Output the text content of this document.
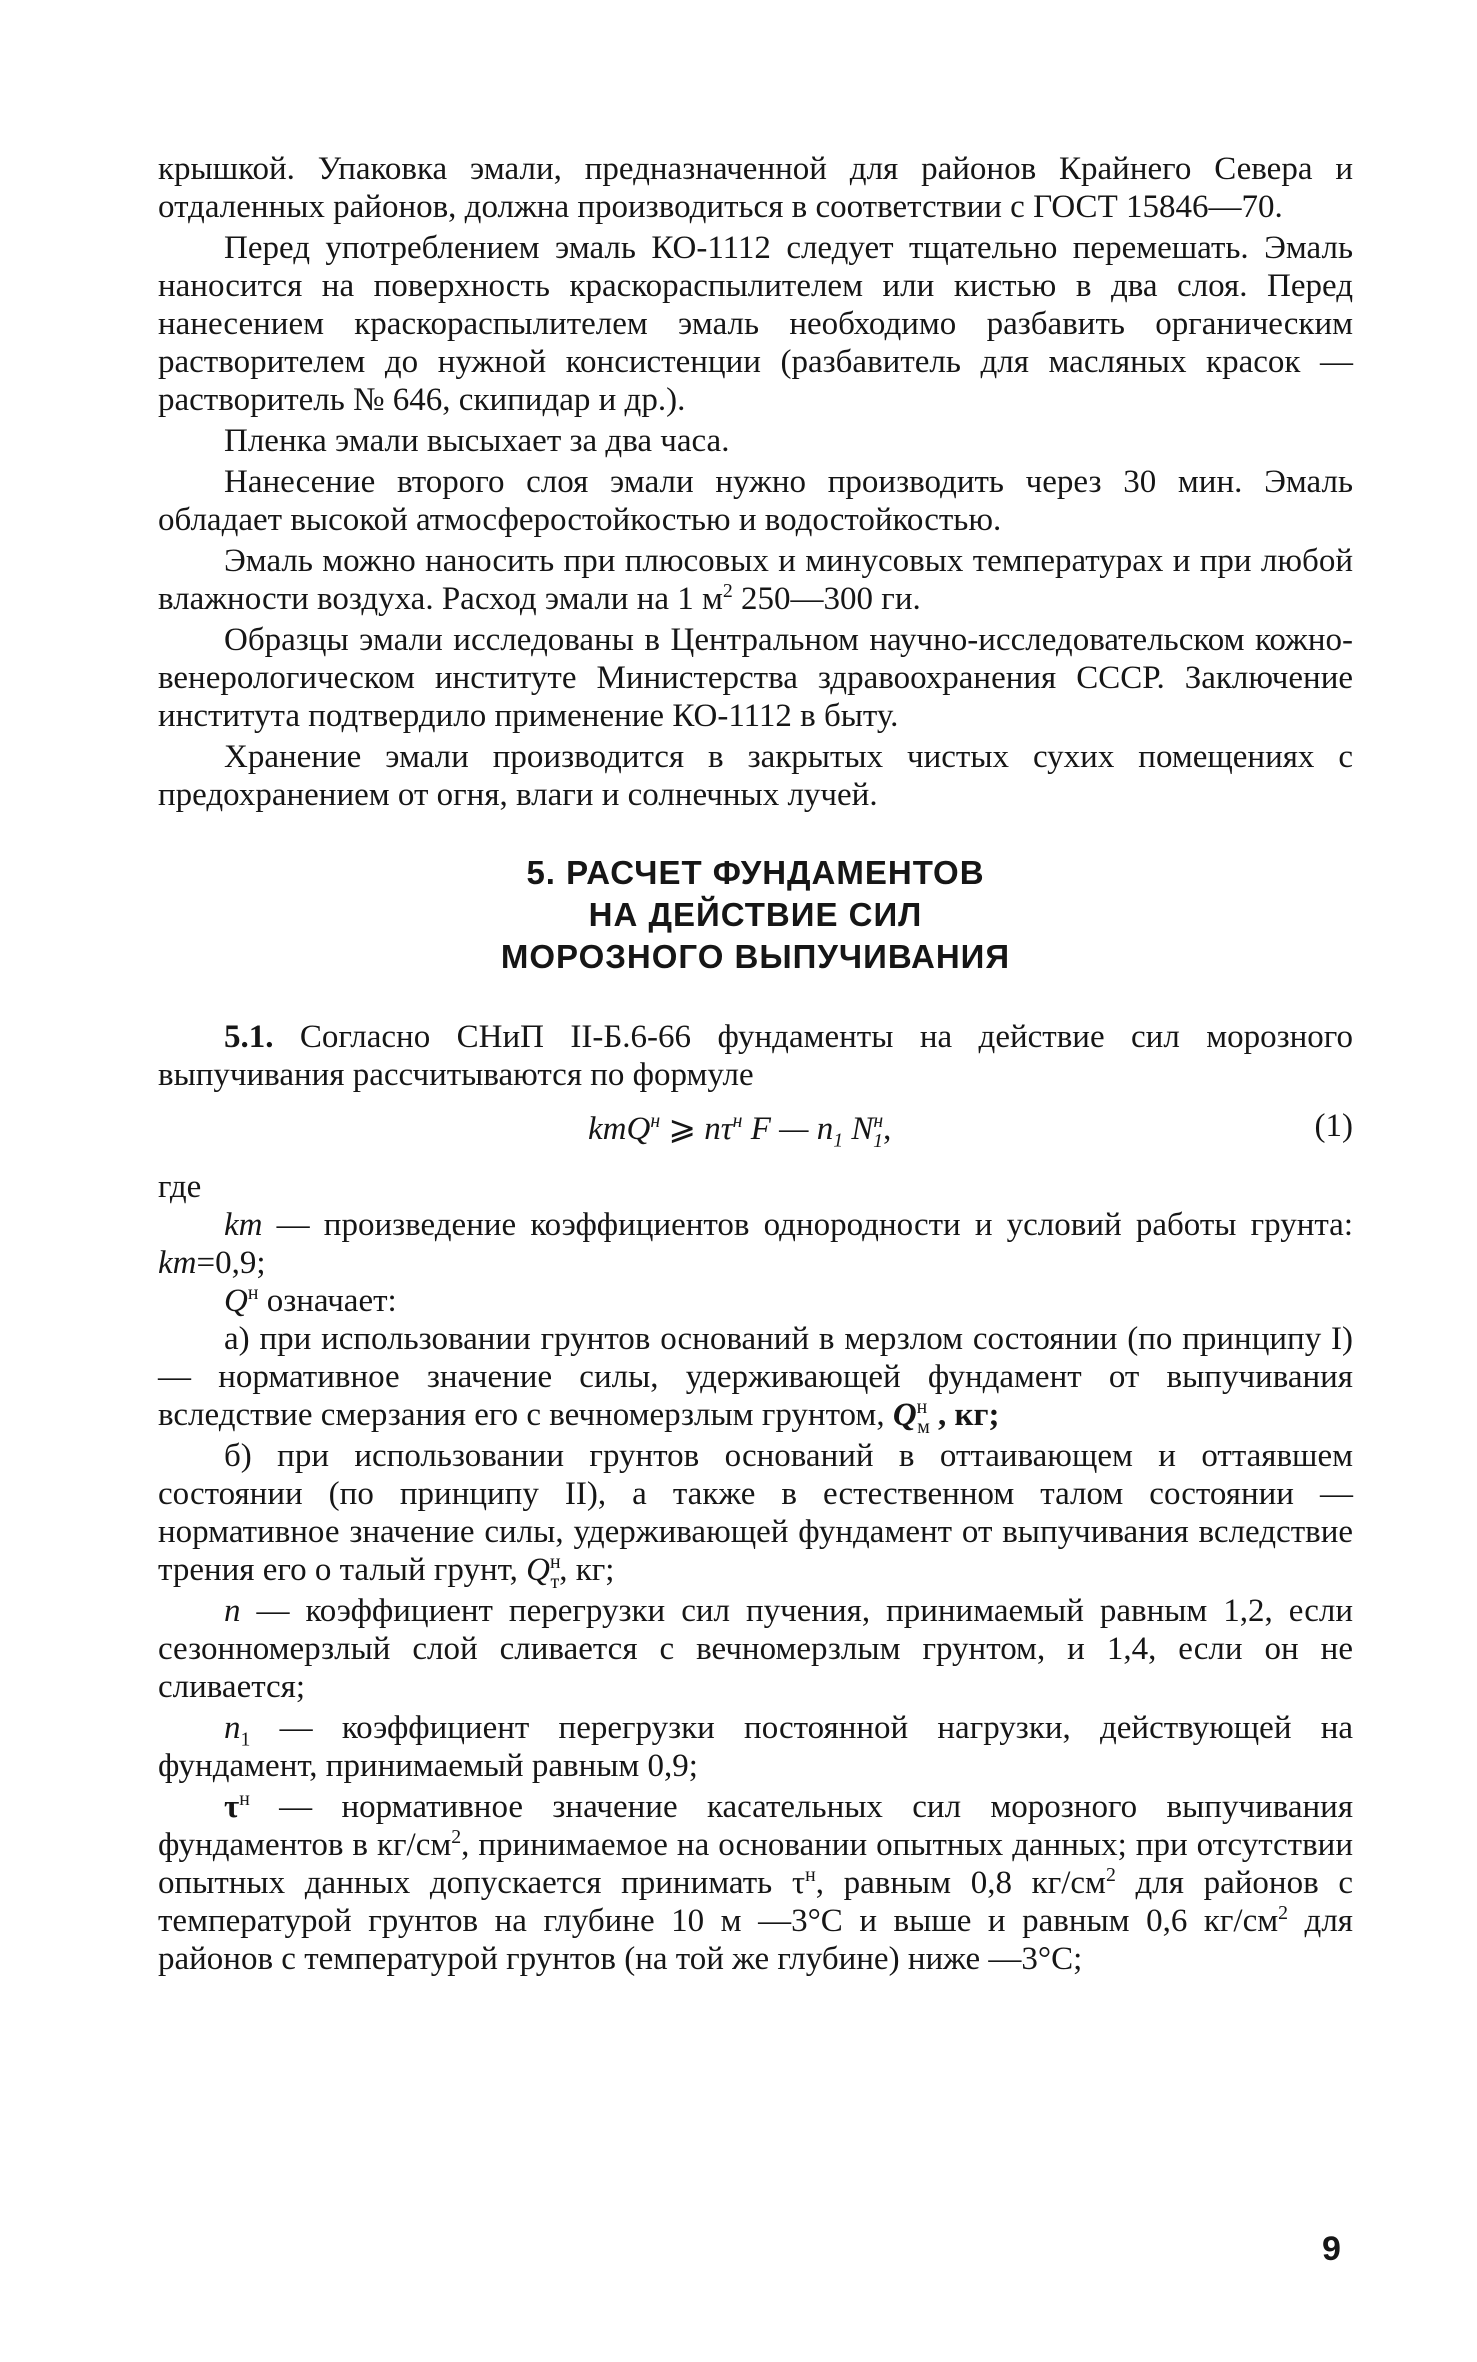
крышкой. Упаковка эмали, предназначенной для районов Крайнего Севера и отдаленных районов, должна производиться в соответствии с ГОСТ 15846—70.

Перед употреблением эмаль КО-1112 следует тщательно перемешать. Эмаль наносится на поверхность краскораспылителем или кистью в два слоя. Перед нанесением краскораспылителем эмаль необходимо разбавить органическим растворителем до нужной консистенции (разбавитель для масляных красок — растворитель № 646, скипидар и др.).

Пленка эмали высыхает за два часа.

Нанесение второго слоя эмали нужно производить через 30 мин. Эмаль обладает высокой атмосферостойкостью и водостойкостью.

Эмаль можно наносить при плюсовых и минусовых температурах и при любой влажности воздуха. Расход эмали на 1 $м^2$ 250—300 ги.

Образцы эмали исследованы в Центральном научно-исследовательском кожно-венерологическом институте Министерства здравоохранения СССР. Заключение института подтвердило применение КО-1112 в быту.

Хранение эмали производится в закрытых чистых сухих помещениях с предохранением от огня, влаги и солнечных лучей.

5. РАСЧЕТ ФУНДАМЕНТОВ
НА ДЕЙСТВИЕ СИЛ
МОРОЗНОГО ВЫПУЧИВАНИЯ

5.1. Согласно СНиП II-Б.6-66 фундаменты на действие сил морозного выпучивания рассчитываются по формуле

kmQ$^н$ ⩾ $n\tau^н$ F — $n_1$ $N^н_1$,	(1)

где

km — произведение коэффициентов однородности и условий работы грунта: km=0,9;

$Q^н$ означает:

а) при использовании грунтов оснований в мерзлом состоянии (по принципу I) — нормативное значение силы, удерживающей фундамент от выпучивания вследствие смерзания его с вечномерзлым грунтом, $Q^н_м$ , кг;

б) при использовании грунтов оснований в оттаивающем и оттаявшем состоянии (по принципу II), а также в естественном талом состоянии — нормативное значение силы, удерживающей фундамент от выпучивания вследствие трения его о талый грунт, $Q^н_т$, кг;

n — коэффициент перегрузки сил пучения, принимаемый равным 1,2, если сезонномерзлый слой сливается с вечномерзлым грунтом, и 1,4, если он не сливается;

$n_1$ — коэффициент перегрузки постоянной нагрузки, действующей на фундамент, принимаемый равным 0,9;

$\tau^н$ — нормативное значение касательных сил морозного выпучивания фундаментов в $кг/см^2$, принимаемое на основании опытных данных; при отсутствии опытных данных допускается принимать $\tau^н$, равным 0,8 $кг/см^2$ для районов с температурой грунтов на глубине 10 м —3°С и выше и равным 0,6 $кг/см^2$ для районов с температурой грунтов (на той же глубине) ниже —3°С;

9
